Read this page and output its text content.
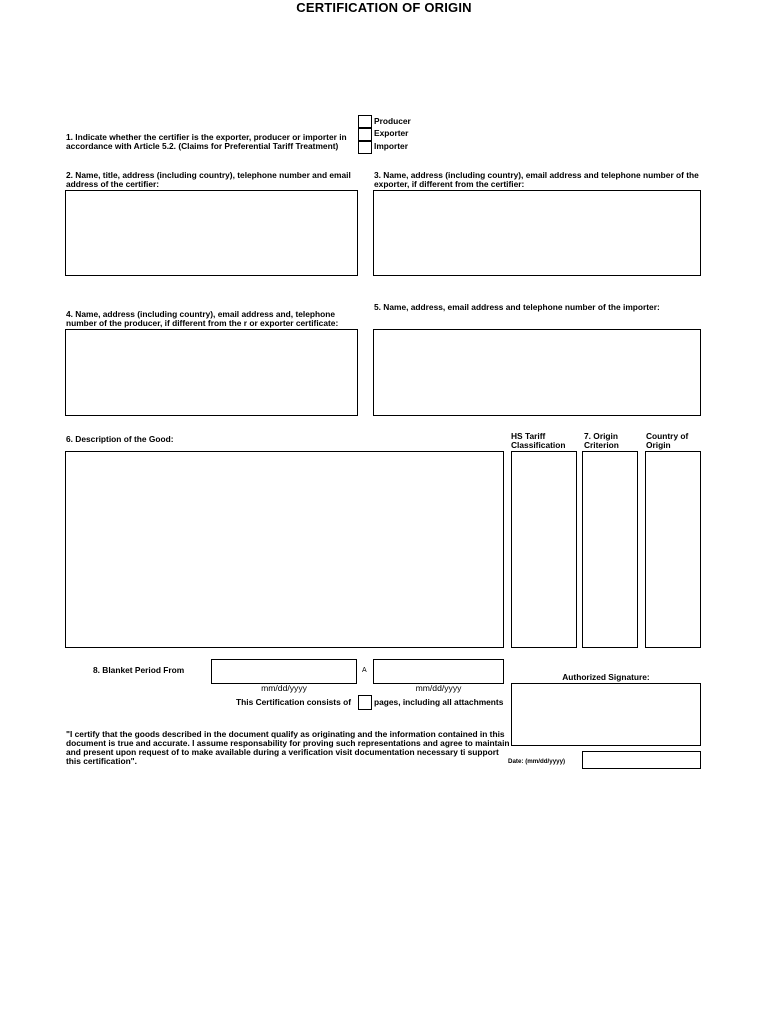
CERTIFICATION OF ORIGIN
1. Indicate whether the certifier is the exporter, producer or importer in
accordance with Article 5.2. (Claims for Preferential Tariff Treatment)
Producer
Exporter
Importer
2. Name, title, address (including country), telephone number and email
address of the certifier:
3. Name, address (including country), email address and telephone number of the
exporter, if different from the certifier:
4. Name, address (including country), email address and, telephone
number of the producer, if different from the r or exporter certificate:
5. Name, address, email address and telephone number of the importer:
6. Description of the Good:	HS Tariff
Classification
7. Origin
Criterion
Country of
Origin
8. Blanket Period From	A
mm/dd/yyyy	mm/dd/yyyy
This Certification consists of	pages, including all attachments
Authorized Signature:
Date: (mm/dd/yyyy)
"I certify that the goods described in the document qualify as originating and the information contained in this
document is true and accurate. I assume responsability for proving such representations and agree to maintain
and present upon request of to make available during a verification visit documentation necessary ti support
this certification".
